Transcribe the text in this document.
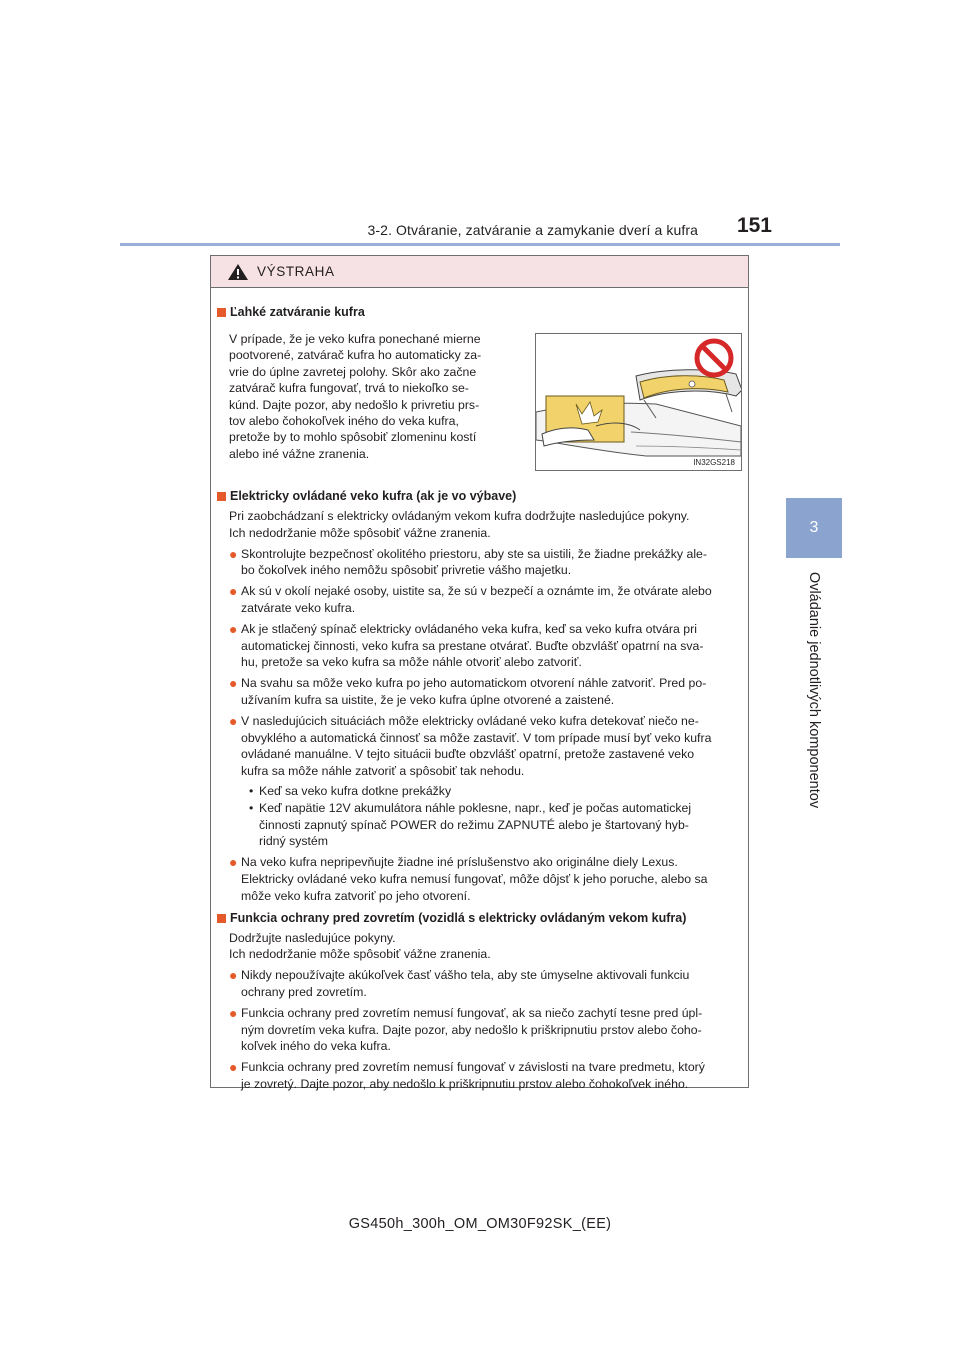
3-2. Otváranie, zatváranie a zamykanie dverí a kufra 151
3
Ovládanie jednotlivých komponentov
VÝSTRAHA
Ľahké zatváranie kufra
V prípade, že je veko kufra ponechané mierne
pootvorené, zatvárač kufra ho automaticky za-
vrie do úplne zavretej polohy. Skôr ako začne
zatvárač kufra fungovať, trvá to niekoľko se-
kúnd. Dajte pozor, aby nedošlo k privretiu prs-
tov alebo čohokoľvek iného do veka kufra,
pretože by to mohlo spôsobiť zlomeninu kostí
alebo iné vážne zranenia.
IN32GS218
Elektricky ovládané veko kufra (ak je vo výbave)
Pri zaobchádzaní s elektricky ovládaným vekom kufra dodržujte nasledujúce pokyny.
Ich nedodržanie môže spôsobiť vážne zranenia.
● Skontrolujte bezpečnosť okolitého priestoru, aby ste sa uistili, že žiadne prekážky ale-
bo čokoľvek iného nemôžu spôsobiť privretie vášho majetku.
● Ak sú v okolí nejaké osoby, uistite sa, že sú v bezpečí a oznámte im, že otvárate alebo
zatvárate veko kufra.
● Ak je stlačený spínač elektricky ovládaného veka kufra, keď sa veko kufra otvára pri
automatickej činnosti, veko kufra sa prestane otvárať. Buďte obzvlášť opatrní na sva-
hu, pretože sa veko kufra sa môže náhle otvoriť alebo zatvoriť.
● Na svahu sa môže veko kufra po jeho automatickom otvorení náhle zatvoriť. Pred po-
užívaním kufra sa uistite, že je veko kufra úplne otvorené a zaistené.
● V nasledujúcich situáciách môže elektricky ovládané veko kufra detekovať niečo ne-
obvyklého a automatická činnosť sa môže zastaviť. V tom prípade musí byť veko kufra
ovládané manuálne. V tejto situácii buďte obzvlášť opatrní, pretože zastavené veko
kufra sa môže náhle zatvoriť a spôsobiť tak nehodu.
• Keď sa veko kufra dotkne prekážky
• Keď napätie 12V akumulátora náhle poklesne, napr., keď je počas automatickej
činnosti zapnutý spínač POWER do režimu ZAPNUTÉ alebo je štartovaný hyb-
ridný systém
● Na veko kufra nepripevňujte žiadne iné príslušenstvo ako originálne diely Lexus.
Elektricky ovládané veko kufra nemusí fungovať, môže dôjsť k jeho poruche, alebo sa
môže veko kufra zatvoriť po jeho otvorení.
Funkcia ochrany pred zovretím (vozidlá s elektricky ovládaným vekom kufra)
Dodržujte nasledujúce pokyny.
Ich nedodržanie môže spôsobiť vážne zranenia.
● Nikdy nepoužívajte akúkoľvek časť vášho tela, aby ste úmyselne aktivovali funkciu
ochrany pred zovretím.
● Funkcia ochrany pred zovretím nemusí fungovať, ak sa niečo zachytí tesne pred úpl-
ným dovretím veka kufra. Dajte pozor, aby nedošlo k priškripnutiu prstov alebo čoho-
koľvek iného do veka kufra.
● Funkcia ochrany pred zovretím nemusí fungovať v závislosti na tvare predmetu, ktorý
je zovretý. Dajte pozor, aby nedošlo k priškripnutiu prstov alebo čohokoľvek iného.
GS450h_300h_OM_OM30F92SK_(EE)
